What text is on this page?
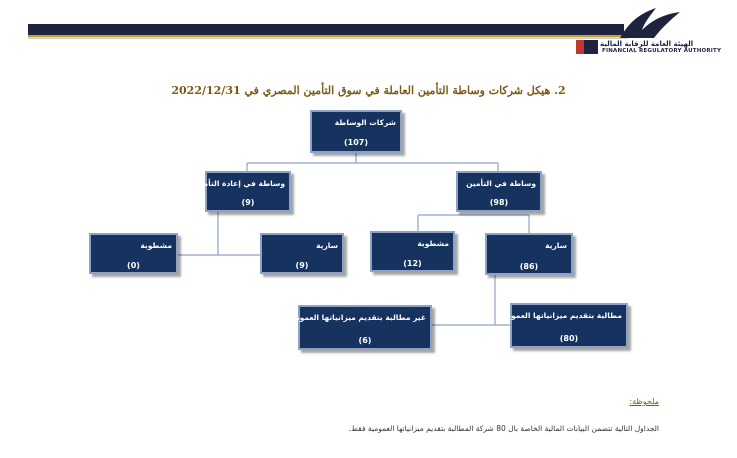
الهيئة العامة للرقابة المالية
FINANCIAL REGULATORY AUTHORITY
2. هيكل شركات وساطة التأمين العاملة في سوق التأمين المصري في 2022/12/31
شركات الوساطة
(107)
وساطة في إعادة التأمين
(9)
وساطة في التأمين
(98)
مشطوبة
(0)
سارية
(9)
مشطوبة
(12)
سارية
(86)
غير مطالبة بتقديم ميزانياتها العمومية
(6)
مطالبة بتقديم ميزانياتها العمومية
(80)
ملحوظة:
الجداول التالية تتضمن البيانات المالية الخاصة بال 80 شركة المطالبة بتقديم ميزانياتها العمومية فقط.
